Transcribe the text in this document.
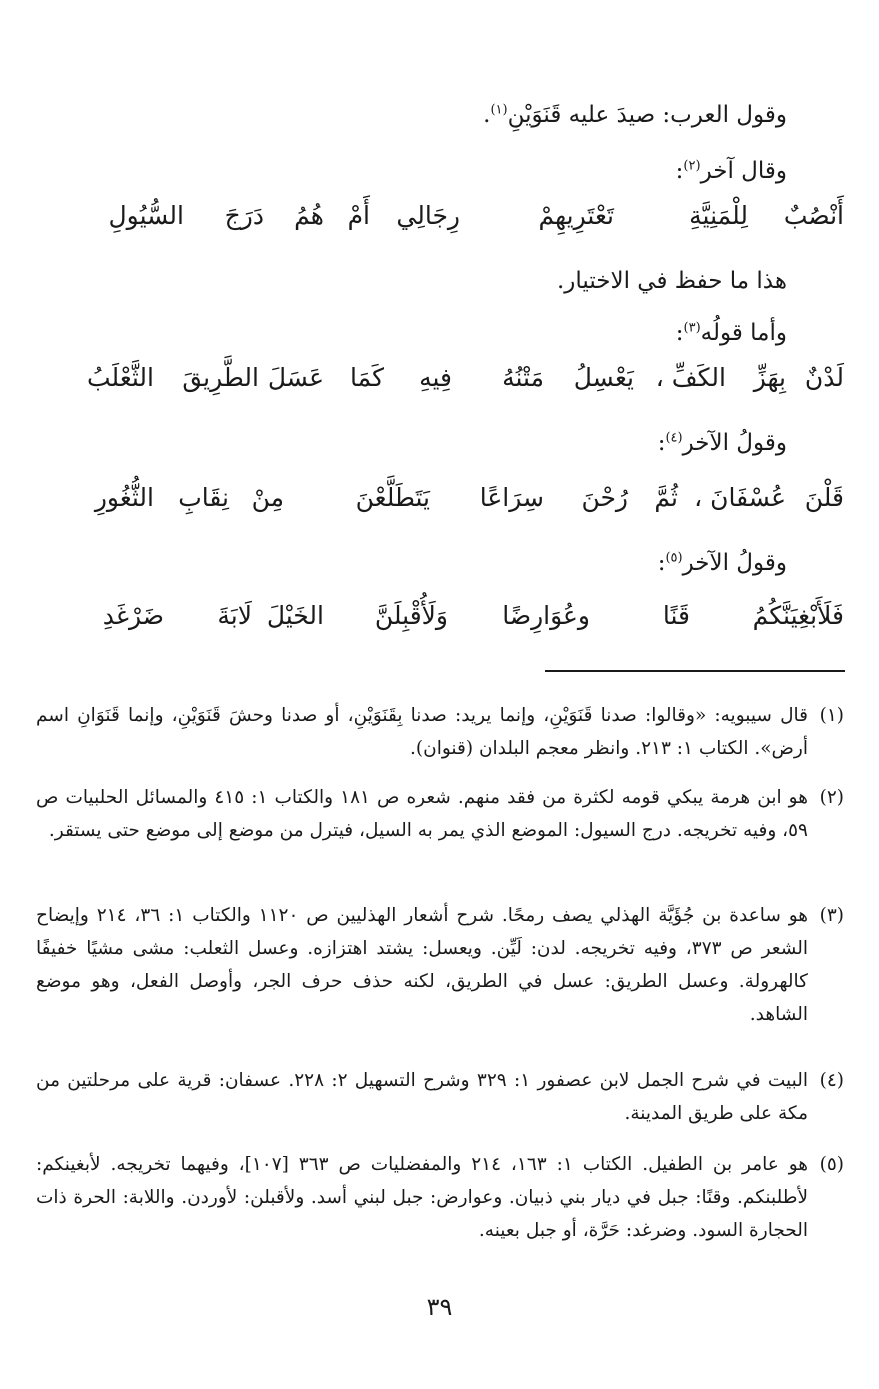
وقول العرب: صيدَ عليه قَنَوَيْنِ$^{(١)}$.
وقال آخر$^{(٢)}$:
أَنْصُبٌ
لِلْمَنِيَّةِ
تَعْتَرِيهِمْ
رِجَالِي
أَمْ
هُمُ
دَرَجَ
السُّيُولِ
هذا ما حفظ في الاختيار.
وأما قولُه$^{(٣)}$:
لَدْنٌ
بِهَزِّ
الكَفِّ ،
يَعْسِلُ
مَتْنُهُ
فِيهِ
كَمَا
عَسَلَ
الطَّرِيقَ
الثَّعْلَبُ
وقولُ الآخر$^{(٤)}$:
قَلْنَ
عُسْفَانَ ،
ثُمَّ
رُحْنَ
سِرَاعًا
يَتَطَلَّعْنَ
مِنْ
نِقَابِ
الثُّغُورِ
وقولُ الآخر$^{(٥)}$:
فَلَأَبْغِيَنَّكُمُ
قَنًا
وعُوَارِضًا
وَلَأُقْبِلَنَّ
الخَيْلَ
لَابَةَ
ضَرْغَدِ
(١)
قال سيبويه: «وقالوا: صدنا قَنَوَيْنِ، وإنما يريد: صدنا بِقَنَوَيْنِ، أو صدنا وحشَ قَنَوَيْنِ، وإنما قَنَوَانِ اسم أرض». الكتاب ١: ٢١٣. وانظر معجم البلدان (قنوان).
(٢)
هو ابن هرمة يبكي قومه لكثرة من فقد منهم. شعره ص ١٨١ والكتاب ١: ٤١٥ والمسائل الحلبيات ص ٥٩، وفيه تخريجه. درج السيول: الموضع الذي يمر به السيل، فيترل من موضع إلى موضع حتى يستقر.
(٣)
هو ساعدة بن جُؤَيَّة الهذلي يصف رمحًا. شرح أشعار الهذليين ص ١١٢٠ والكتاب ١: ٣٦، ٢١٤ وإيضاح الشعر ص ٣٧٣، وفيه تخريجه. لدن: لَيِّن. ويعسل: يشتد اهتزازه. وعسل الثعلب: مشى مشيًا خفيفًا كالهرولة. وعسل الطريق: عسل في الطريق، لكنه حذف حرف الجر، وأوصل الفعل، وهو موضع الشاهد.
(٤)
البيت في شرح الجمل لابن عصفور ١: ٣٢٩ وشرح التسهيل ٢: ٢٢٨. عسفان: قرية على مرحلتين من مكة على طريق المدينة.
(٥)
هو عامر بن الطفيل. الكتاب ١: ١٦٣، ٢١٤ والمفضليات ص ٣٦٣ [١٠٧]، وفيهما تخريجه. لأبغينكم: لأطلبنكم. وقنًا: جبل في ديار بني ذبيان. وعوارض: جبل لبني أسد. ولأقبلن: لأوردن. واللابة: الحرة ذات الحجارة السود. وضرغد: حَرَّة، أو جبل بعينه.
٣٩
